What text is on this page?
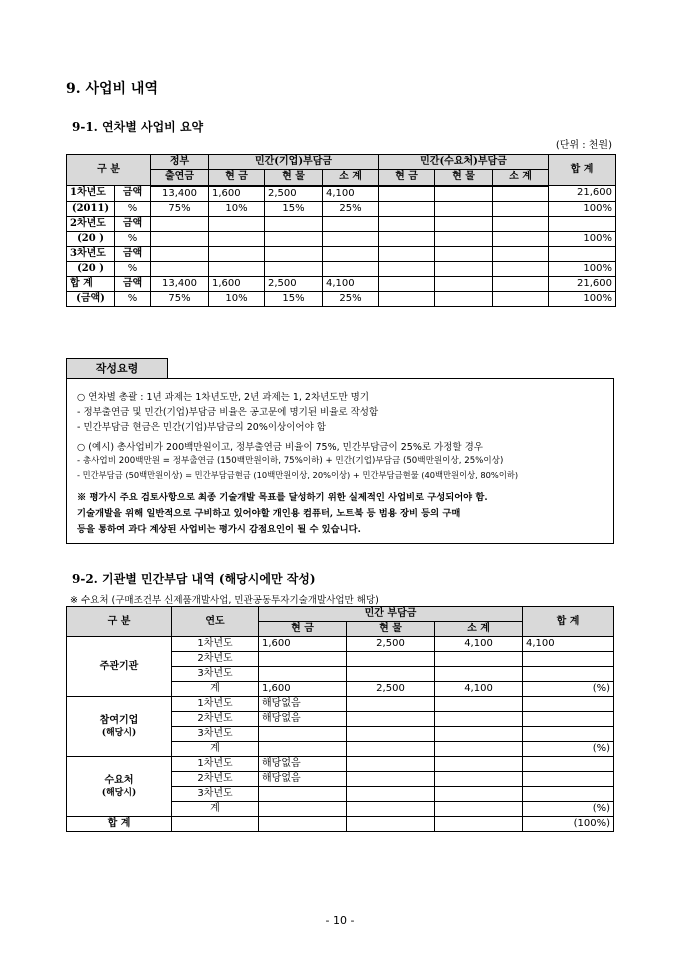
9. 사업비 내역
9-1. 연차별 사업비 요약
(단위 : 천원)
구 분		정부	민간(기업)부담금			민간(수요처)부담금			합 계
		출연금	현 금	현 물	소 계	현 금	현 물	소 계	
1차년도	금액	13,400	1,600	2,500	4,100				21,600
(2011)	%	75%	10%	15%	25%				100%
2차년도	금액								
(20 )	%								100%
3차년도	금액								
(20 )	%								100%
합 계	금액	13,400	1,600	2,500	4,100				21,600
(금액)	%	75%	10%	15%	25%				100%
작성요령
○ 연차별 총괄 : 1년 과제는 1차년도만, 2년 과제는 1, 2차년도만 명기
- 정부출연금 및 민간(기업)부담금 비율은 공고문에 명기된 비율로 작성함
- 민간부담금 현금은 민간(기업)부담금의 20%이상이어야 함
○ (예시) 총사업비가 200백만원이고, 정부출연금 비율이 75%, 민간부담금이 25%로 가정할 경우
- 총사업비 200백만원 = 정부출연금 (150백만원이하, 75%이하) + 민간(기업)부담금 (50백만원이상, 25%이상)
- 민간부담금 (50백만원이상) = 민간부담금현금 (10백만원이상, 20%이상) + 민간부담금현물 (40백만원이상, 80%이하)
※ 평가시 주요 검토사항으로 최종 기술개발 목표를 달성하기 위한 실제적인 사업비로 구성되어야 함.
기술개발을 위해 일반적으로 구비하고 있어야할 개인용 컴퓨터, 노트북 등 범용 장비 등의 구매
등을 통하여 과다 계상된 사업비는 평가시 감점요인이 될 수 있습니다.
9-2. 기관별 민간부담 내역 (해당시에만 작성)
※ 수요처 (구매조건부 신제품개발사업, 민관공동투자기술개발사업만 해당)
구 분	연도	민간 부담금			합 계
		현 금	현 물	소 계	

주관기관	1차년도	1,600	2,500	4,100	4,100
	2차년도				
	3차년도				
	계	1,600	2,500	4,100	(%)

참여기업
(해당시)	1차년도	해당없음			
	2차년도	해당없음			
	3차년도				
	계				(%)

수요처
(해당시)	1차년도	해당없음			
	2차년도	해당없음			
	3차년도				
	계				(%)
합 계					(100%)
- 10 -
